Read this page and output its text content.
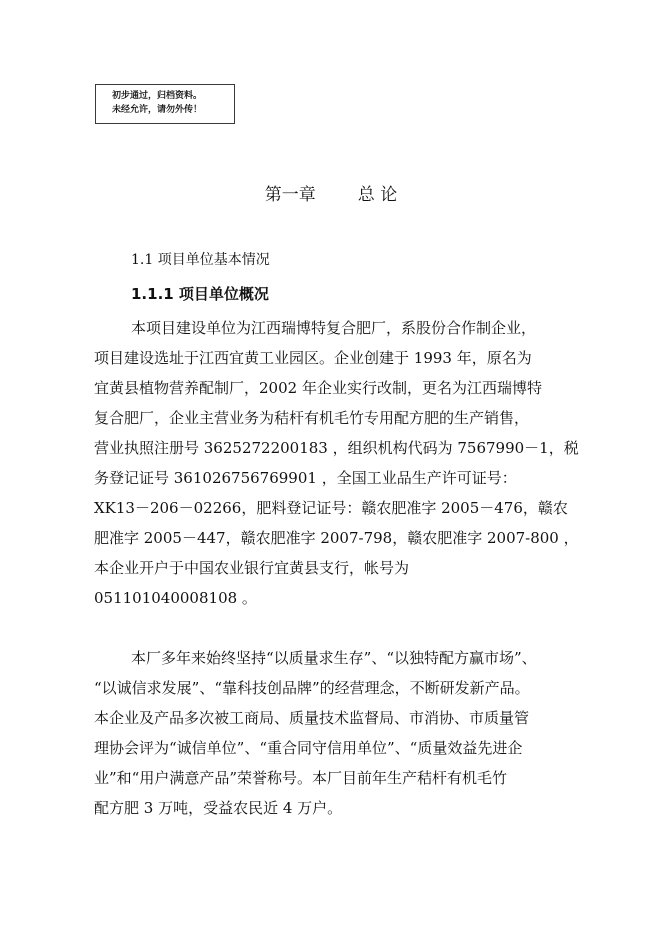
初步通过，归档资料。
未经允许，请勿外传！
第一章 总 论
1.1 项目单位基本情况
1.1.1 项目单位概况
本项目建设单位为江西瑞博特复合肥厂，系股份合作制企业，
项目建设选址于江西宜黄工业园区。企业创建于 1993 年，原名为
宜黄县植物营养配制厂，2002 年企业实行改制，更名为江西瑞博特
复合肥厂，企业主营业务为秸杆有机毛竹专用配方肥的生产销售，
营业执照注册号 3625272200183 ，组织机构代码为 7567990－1，税
务登记证号 361026756769901 ，全国工业品生产许可证号：
XK13－206－02266，肥料登记证号：赣农肥准字 2005－476，赣农
肥准字 2005－447，赣农肥准字 2007-798，赣农肥准字 2007-800 ，
本企业开户于中国农业银行宜黄县支行，帐号为
051101040008108 。
本厂多年来始终坚持“以质量求生存”、“以独特配方赢市场”、
“以诚信求发展”、“靠科技创品牌”的经营理念，不断研发新产品。
本企业及产品多次被工商局、质量技术监督局、市消协、市质量管
理协会评为“诚信单位”、“重合同守信用单位”、“质量效益先进企
业”和“用户满意产品”荣誉称号。本厂目前年生产秸杆有机毛竹
配方肥 3 万吨，受益农民近 4 万户。
